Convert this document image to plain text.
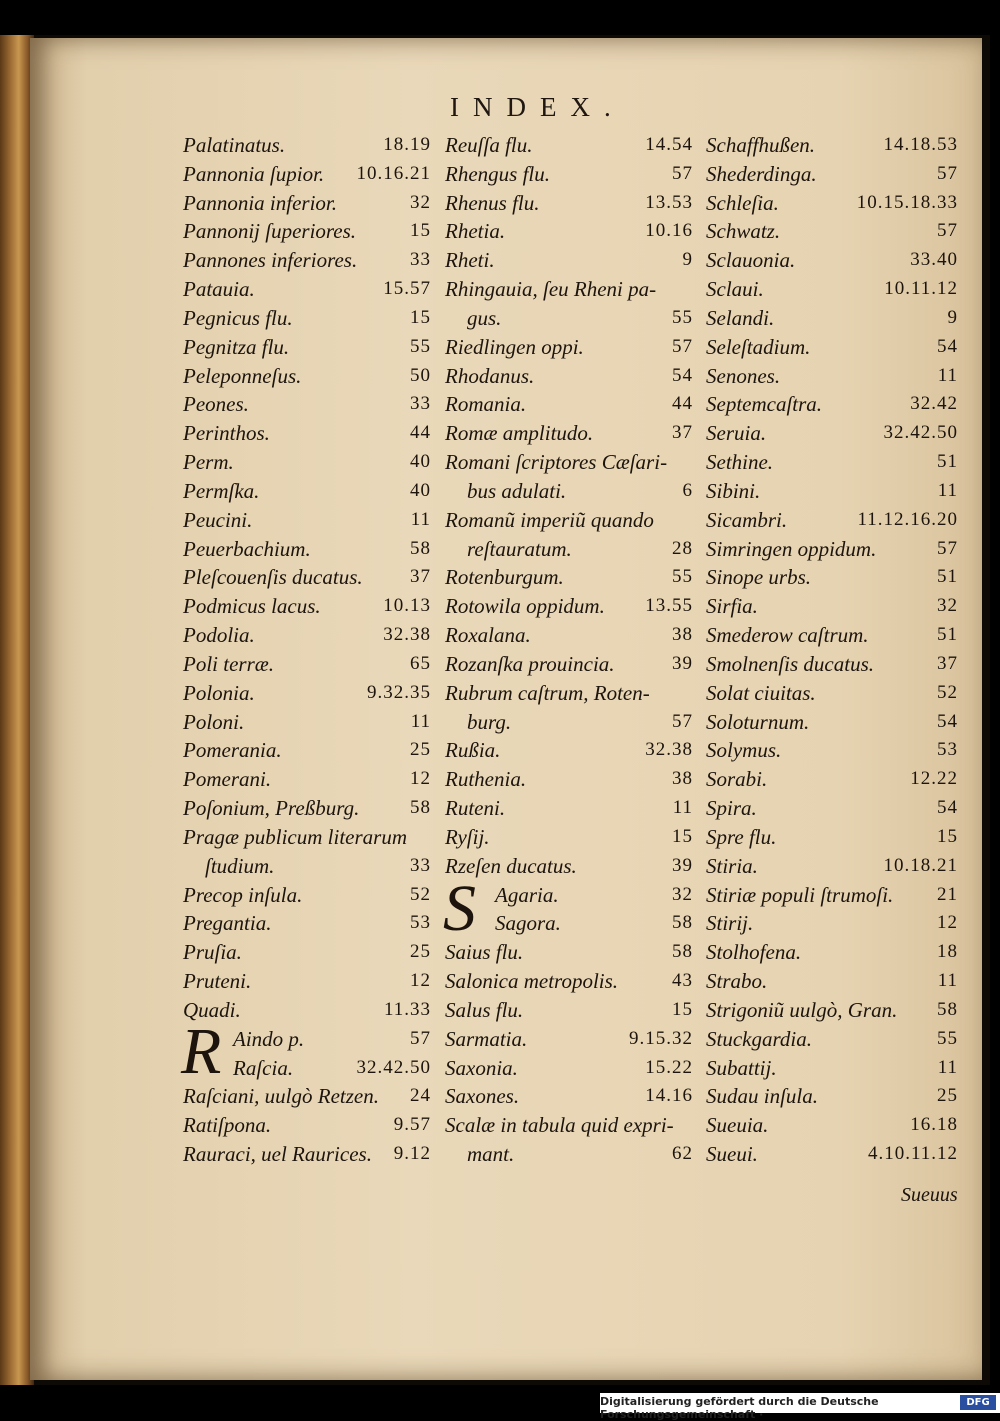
INDEX.
Palatinatus.	18.19
Pannonia ſupior. 10.16.21
Pannonia inferior.	32
Pannonij ſuperiores.	15
Pannones inferiores.	33
Patauia.	15.57
Pegnicus flu.	15
Pegnitza flu.	55
Peleponneſus.	50
Peones.	33
Perinthos.	44
Perm.	40
Permſka.	40
Peucini.	11
Peuerbachium.	58
Pleſcouenſis ducatus. 37
Podmicus lacus.	10.13
Podolia.	32.38
Poli terræ.	65
Polonia.	9.32.35
Poloni.	11
Pomerania.	25
Pomerani.	12
Poſonium, Preßburg.	58
Pragæ publicum literarum
ſtudium.	33
Precop inſula.	52
Pregantia.	53
Pruſia.	25
Pruteni.	12
Quadi.	11.33
R Aindo p.	57
Raſcia.	32.42.50
Raſciani, uulgò Retzen. 24
Ratiſpona.	9.57
Rauraci, uel Raurices. 9.12
Reuſſa flu.	14.54
Rhengus flu.	57
Rhenus flu.	13.53
Rhetia.	10.16
Rheti.	9
Rhingauia, ſeu Rheni pa-
gus.	55
Riedlingen oppi.	57
Rhodanus.	54
Romania.	44
Romæ amplitudo.	37
Romani ſcriptores Cæſari-
bus adulati.	6
Romanũ imperiũ quando
reſtauratum.	28
Rotenburgum.	55
Rotowila oppidum. 13.55
Roxalana.	38
Rozanſka prouincia.	39
Rubrum caſtrum, Roten-
burg.	57
Rußia.	32.38
Ruthenia.	38
Ruteni.	11
Ryſij.	15
Rzeſen ducatus.	39
S Agaria.	32
Sagora.	58
Saius flu.	58
Salonica metropolis.	43
Salus flu.	15
Sarmatia.	9.15.32
Saxonia.	15.22
Saxones.	14.16
Scalæ in tabula quid expri-
mant.	62
Schaffhußen.	14.18.53
Shederdinga.	57
Schleſia.	10.15.18.33
Schwatz.	57
Sclauonia.	33.40
Sclaui.	10.11.12
Selandi.	9
Seleſtadium.	54
Senones.	11
Septemcaſtra.	32.42
Seruia.	32.42.50
Sethine.	51
Sibini.	11
Sicambri.	11.12.16.20
Simringen oppidum.	57
Sinope urbs.	51
Sirfia.	32
Smederow caſtrum.	51
Smolnenſis ducatus.	37
Solat ciuitas.	52
Soloturnum.	54
Solymus.	53
Sorabi.	12.22
Spira.	54
Spre flu.	15
Stiria.	10.18.21
Stiriæ populi ſtrumoſi. 21
Stirij.	12
Stolhofena.	18
Strabo.	11
Strigoniũ uulgò, Gran. 58
Stuckgardia.	55
Subattij.	11
Sudau inſula.	25
Sueuia.	16.18
Sueui.	4.10.11.12
Sueuus
Digitalisierung gefördert durch die Deutsche Forschungsgemeinschaft ·
DFG
